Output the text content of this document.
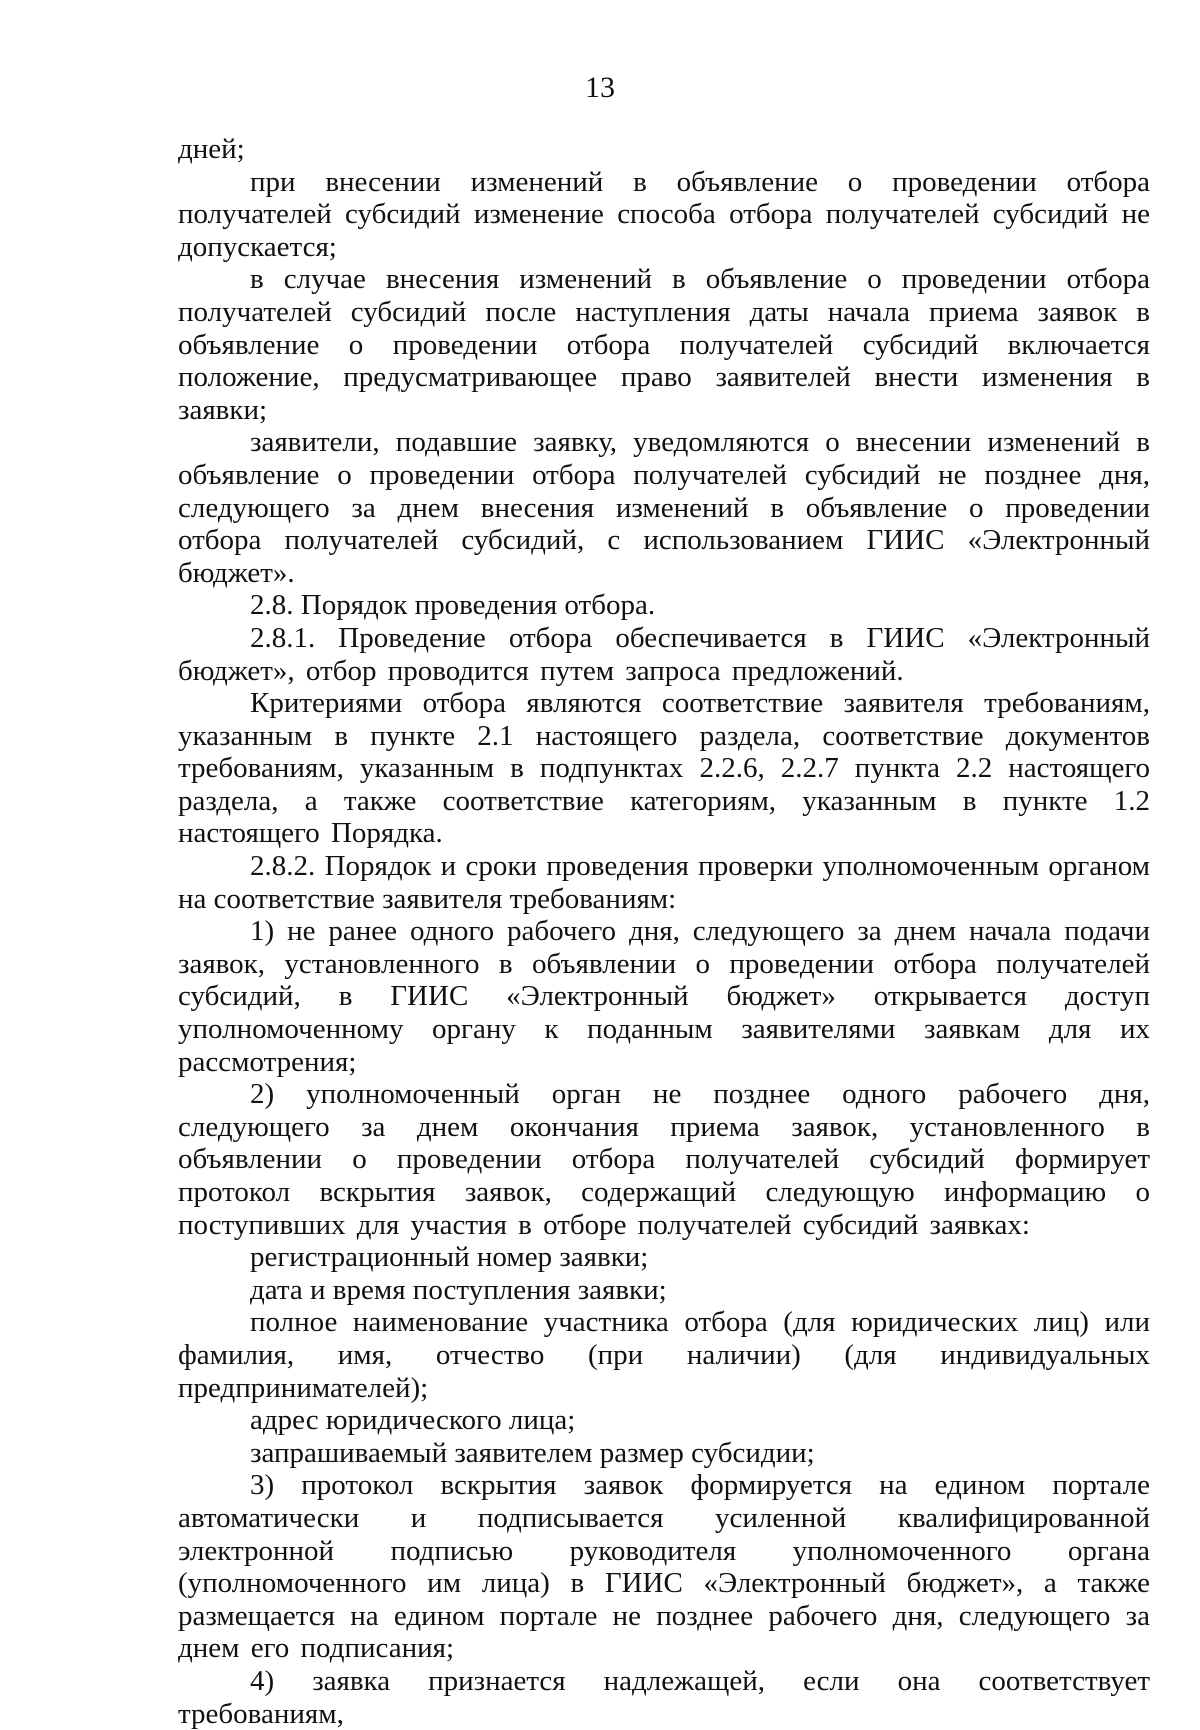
13

дней;

при внесении изменений в объявление о проведении отбора получателей субсидий изменение способа отбора получателей субсидий не допускается;

в случае внесения изменений в объявление о проведении отбора получателей субсидий после наступления даты начала приема заявок в объявление о проведении отбора получателей субсидий включается положение, предусматривающее право заявителей внести изменения в заявки;

заявители, подавшие заявку, уведомляются о внесении изменений в объявление о проведении отбора получателей субсидий не позднее дня, следующего за днем внесения изменений в объявление о проведении отбора получателей субсидий, с использованием ГИИС «Электронный бюджет».

2.8. Порядок проведения отбора.

2.8.1. Проведение отбора обеспечивается в ГИИС «Электронный бюджет», отбор проводится путем запроса предложений.

Критериями отбора являются соответствие заявителя требованиям, указанным в пункте 2.1 настоящего раздела, соответствие документов требованиям, указанным в подпунктах 2.2.6, 2.2.7 пункта 2.2 настоящего раздела, а также соответствие категориям, указанным в пункте 1.2 настоящего Порядка.

2.8.2. Порядок и сроки проведения проверки уполномоченным органом на соответствие заявителя требованиям:

1) не ранее одного рабочего дня, следующего за днем начала подачи заявок, установленного в объявлении о проведении отбора получателей субсидий, в ГИИС «Электронный бюджет» открывается доступ уполномоченному органу к поданным заявителями заявкам для их рассмотрения;

2) уполномоченный орган не позднее одного рабочего дня, следующего за днем окончания приема заявок, установленного в объявлении о проведении отбора получателей субсидий формирует протокол вскрытия заявок, содержащий следующую информацию о поступивших для участия в отборе получателей субсидий заявках:

регистрационный номер заявки;

дата и время поступления заявки;

полное наименование участника отбора (для юридических лиц) или фамилия, имя, отчество (при наличии) (для индивидуальных предпринимателей);

адрес юридического лица;

запрашиваемый заявителем размер субсидии;

3) протокол вскрытия заявок формируется на едином портале автоматически и подписывается усиленной квалифицированной электронной подписью руководителя уполномоченного органа (уполномоченного им лица) в ГИИС «Электронный бюджет», а также размещается на едином портале не позднее рабочего дня, следующего за днем его подписания;

4) заявка признается надлежащей, если она соответствует требованиям,
